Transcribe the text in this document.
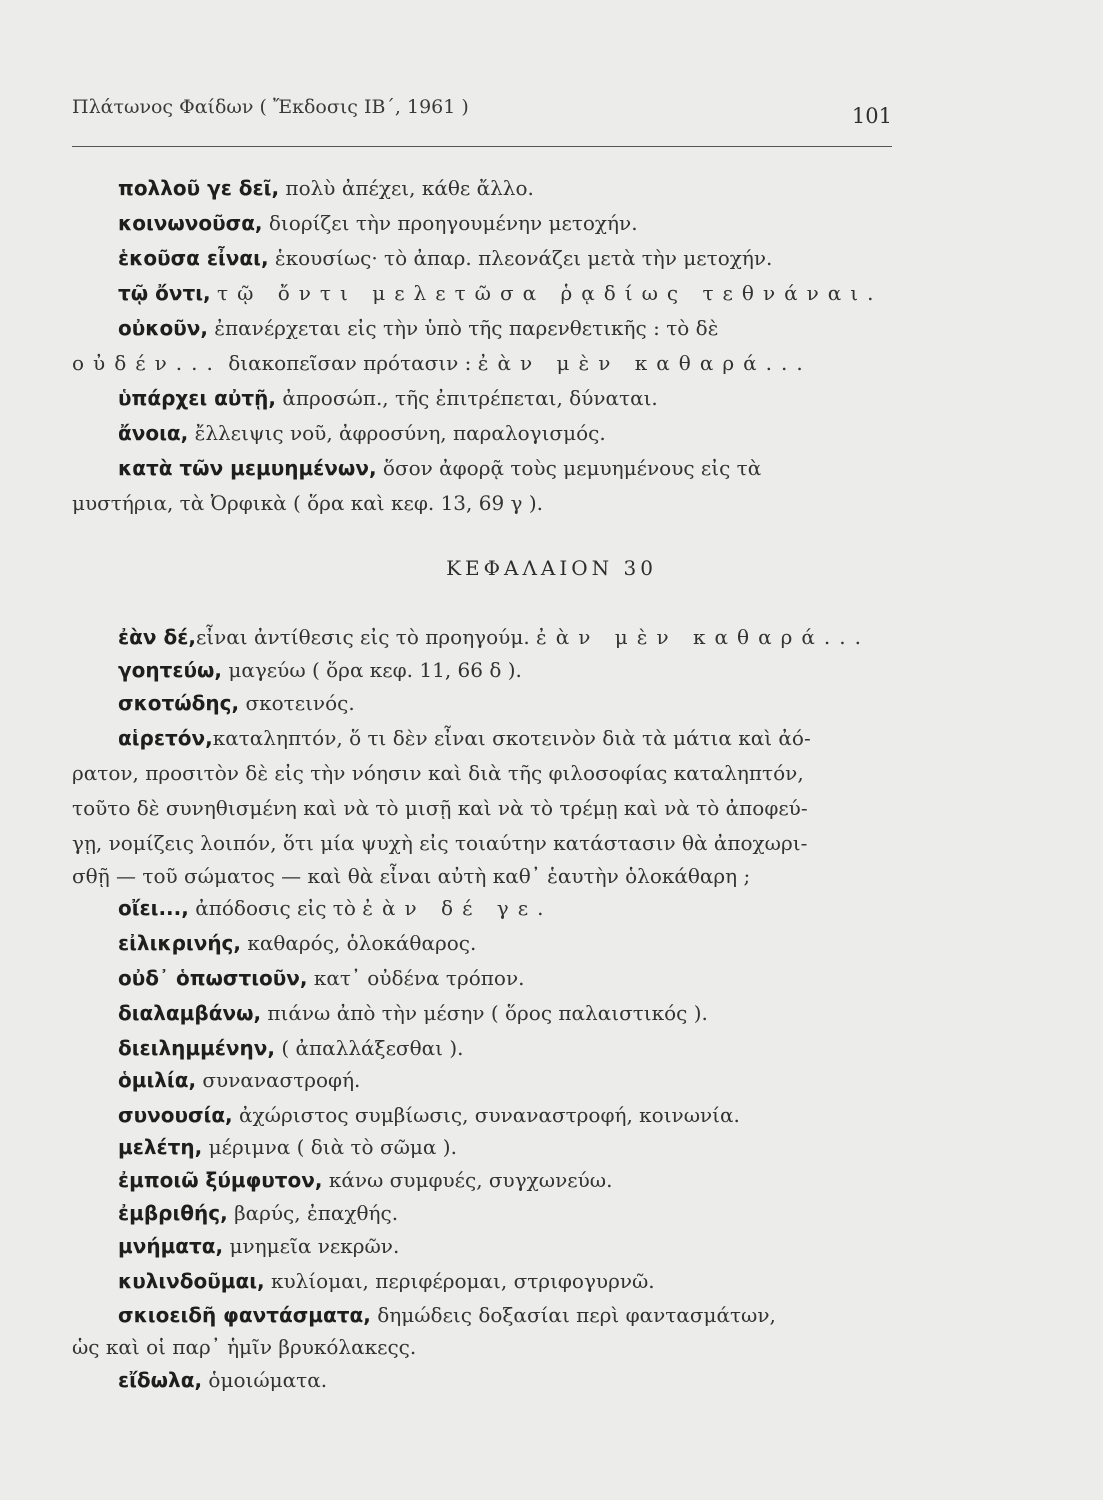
Πλάτωνος Φαίδων ( Ἔκδοσις ΙΒ΄, 1961 )	101
πολλοῦ γε δεῖ, πολὺ ἀπέχει, κάθε ἄλλο.
κοινωνοῦσα, διορίζει τὴν προηγουμένην μετοχήν.
ἑκοῦσα εἶναι, ἑκουσίως· τὸ ἀπαρ. πλεονάζει μετὰ τὴν μετοχήν.
τῷ ὄντι, τῷ ὄντι μελετῶσα ῥᾳδίως τεθνάναι.
οὐκοῦν, ἐπανέρχεται εἰς τὴν ὑπὸ τῆς παρενθετικῆς : τὸ δὲ
οὐδέν... διακοπεῖσαν πρότασιν : ἐὰν μὲν καθαρά...
ὑπάρχει αὐτῇ, ἀπροσώπ., τῆς ἐπιτρέπεται, δύναται.
ἄνοια, ἔλλειψις νοῦ, ἀφροσύνη, παραλογισμός.
κατὰ τῶν μεμυημένων, ὅσον ἀφορᾷ τοὺς μεμυημένους εἰς τὰ
μυστήρια, τὰ Ὀρφικὰ ( ὅρα καὶ κεφ. 13, 69 γ ).
ΚΕΦΑΛΑΙΟΝ 30
ἐὰν δέ,εἶναι ἀντίθεσις εἰς τὸ προηγούμ. ἐὰν μὲν καθαρά...
γοητεύω, μαγεύω ( ὅρα κεφ. 11, 66 δ ).
σκοτώδης, σκοτεινός.
αἱρετόν,καταληπτόν, ὅ τι δὲν εἶναι σκοτεινὸν διὰ τὰ μάτια καὶ ἀό-
ρατον, προσιτὸν δὲ εἰς τὴν νόησιν καὶ διὰ τῆς φιλοσοφίας καταληπτόν,
τοῦτο δὲ συνηθισμένη καὶ νὰ τὸ μισῇ καὶ νὰ τὸ τρέμῃ καὶ νὰ τὸ ἀποφεύ-
γῃ, νομίζεις λοιπόν, ὅτι μία ψυχὴ εἰς τοιαύτην κατάστασιν θὰ ἀποχωρι-
σθῇ — τοῦ σώματος — καὶ θὰ εἶναι αὐτὴ καθ᾽ ἑαυτὴν ὁλοκάθαρη ;
οἴει..., ἀπόδοσις εἰς τὸ ἐὰν δέ γε.
εἰλικρινής, καθαρός, ὁλοκάθαρος.
οὐδ᾽ ὁπωστιοῦν, κατ᾽ οὐδένα τρόπον.
διαλαμβάνω, πιάνω ἀπὸ τὴν μέσην ( ὅρος παλαιστικός ).
διειλημμένην, ( ἀπαλλάξεσθαι ).
ὁμιλία, συναναστροφή.
συνουσία, ἀχώριστος συμβίωσις, συναναστροφή, κοινωνία.
μελέτη, μέριμνα ( διὰ τὸ σῶμα ).
ἐμποιῶ ξύμφυτον, κάνω συμφυές, συγχωνεύω.
ἐμβριθής, βαρύς, ἐπαχθής.
μνήματα, μνημεῖα νεκρῶν.
κυλινδοῦμαι, κυλίομαι, περιφέρομαι, στριφογυρνῶ.
σκιοειδῆ φαντάσματα, δημώδεις δοξασίαι περὶ φαντασμάτων,
ὡς καὶ οἱ παρ᾽ ἡμῖν βρυκόλακεςς.
εἴδωλα, ὁμοιώματα.
